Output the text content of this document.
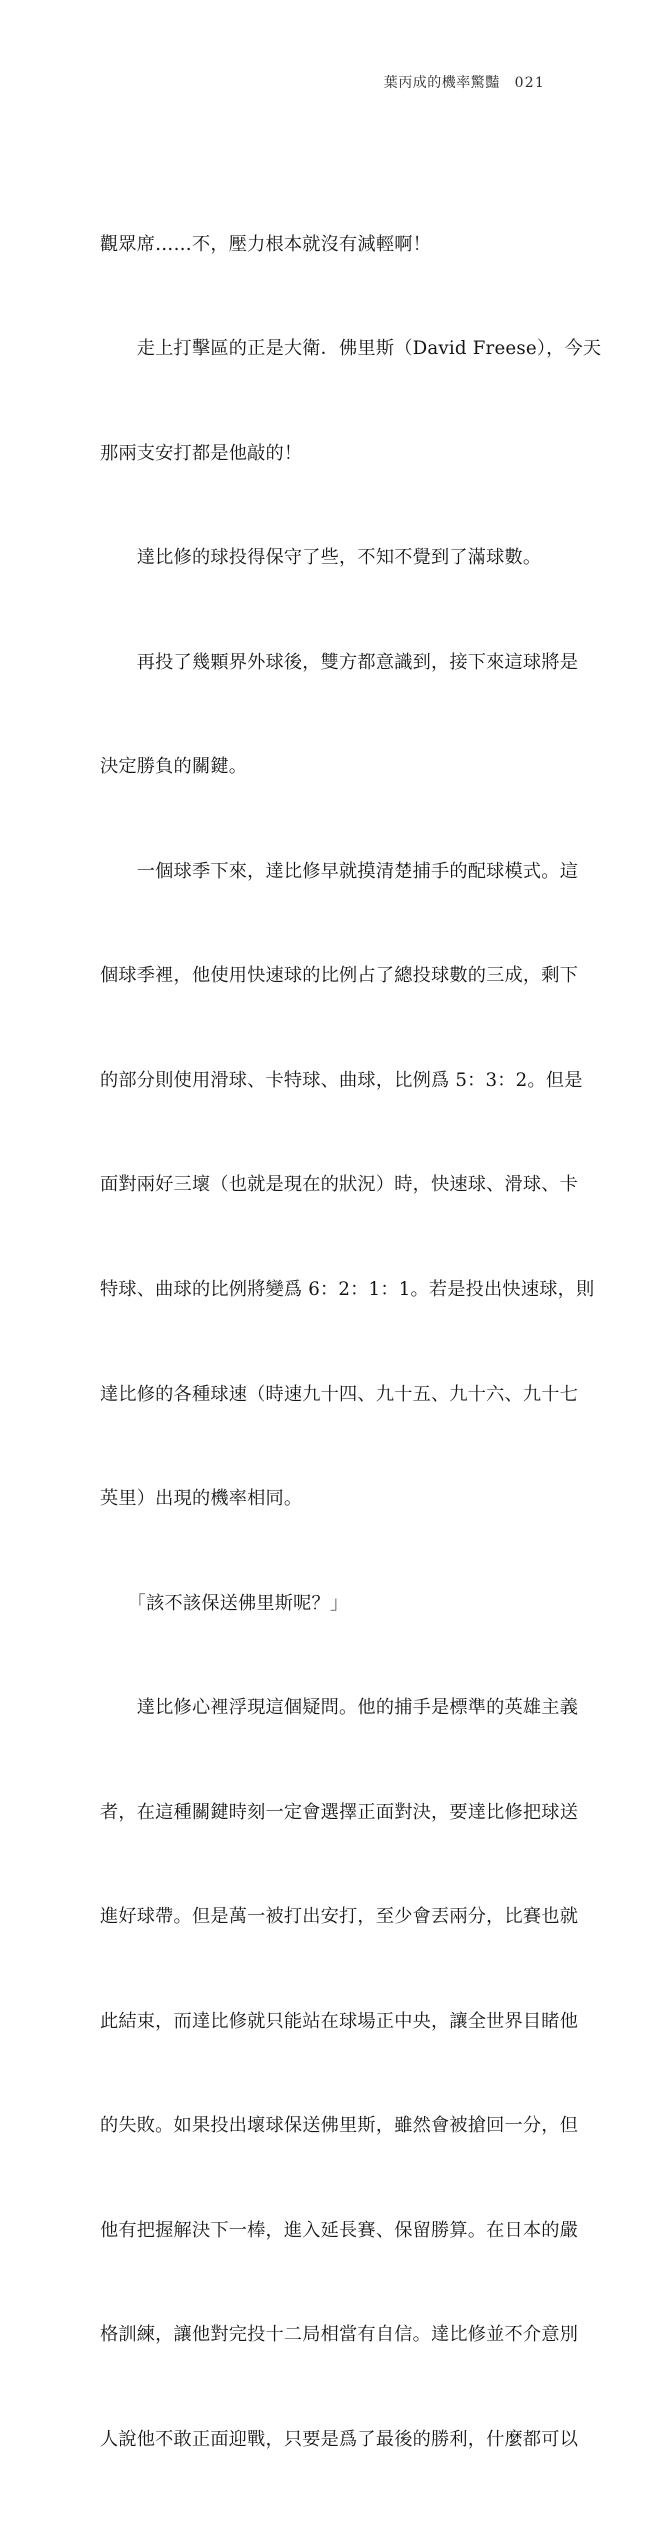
葉丙成的機率驚豔 021

觀眾席……不，壓力根本就沒有減輕啊！

　　走上打擊區的正是大衛．佛里斯（David Freese），今天

那兩支安打都是他敲的！

　　達比修的球投得保守了些，不知不覺到了滿球數。

　　再投了幾顆界外球後，雙方都意識到，接下來這球將是

決定勝負的關鍵。

　　一個球季下來，達比修早就摸清楚捕手的配球模式。這

個球季裡，他使用快速球的比例占了總投球數的三成，剩下

的部分則使用滑球、卡特球、曲球，比例爲 5：3：2。但是

面對兩好三壞（也就是現在的狀況）時，快速球、滑球、卡

特球、曲球的比例將變爲 6：2：1：1。若是投出快速球，則

達比修的各種球速（時速九十四、九十五、九十六、九十七

英里）出現的機率相同。

　　「該不該保送佛里斯呢？」

　　達比修心裡浮現這個疑問。他的捕手是標準的英雄主義

者，在這種關鍵時刻一定會選擇正面對決，要達比修把球送

進好球帶。但是萬一被打出安打，至少會丟兩分，比賽也就

此結束，而達比修就只能站在球場正中央，讓全世界目睹他

的失敗。如果投出壞球保送佛里斯，雖然會被搶回一分，但

他有把握解決下一棒，進入延長賽、保留勝算。在日本的嚴

格訓練，讓他對完投十二局相當有自信。達比修並不介意別

人說他不敢正面迎戰，只要是爲了最後的勝利，什麼都可以
